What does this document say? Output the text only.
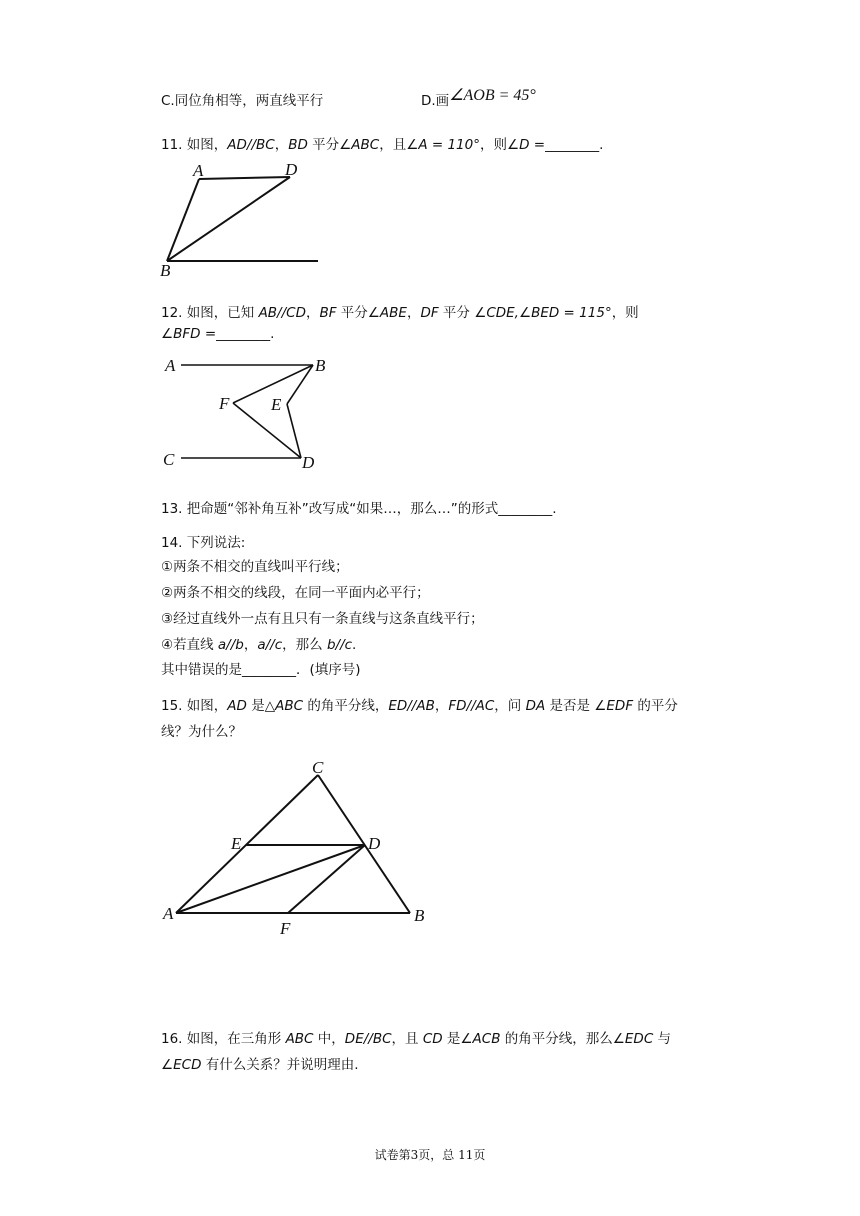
C.同位角相等，两直线平行	D.画∠AOB = 45°
11. 如图，AD//BC，BD 平分∠ABC，且∠A = 110°，则∠D =________.
A	D
B
12. 如图，已知 AB//CD，BF 平分∠ABE，DF 平分 ∠CDE,∠BED = 115°，则
∠BFD =________.
A	B
F E
C	D
13. 把命题“邻补角互补”改写成“如果…，那么…”的形式________.
14. 下列说法:
①两条不相交的直线叫平行线；
②两条不相交的线段，在同一平面内必平行；
③经过直线外一点有且只有一条直线与这条直线平行；
④若直线 a//b，a//c，那么 b//c.
其中错误的是________．(填序号)
15. 如图，AD 是△ABC 的角平分线，ED//AB，FD//AC，问 DA 是否是 ∠EDF 的平分
线？为什么？
C
E	D
A
F
B
16. 如图，在三角形 ABC 中，DE//BC，且 CD 是∠ACB 的角平分线，那么∠EDC 与
∠ECD 有什么关系？并说明理由.
试卷第3页，总 11页
